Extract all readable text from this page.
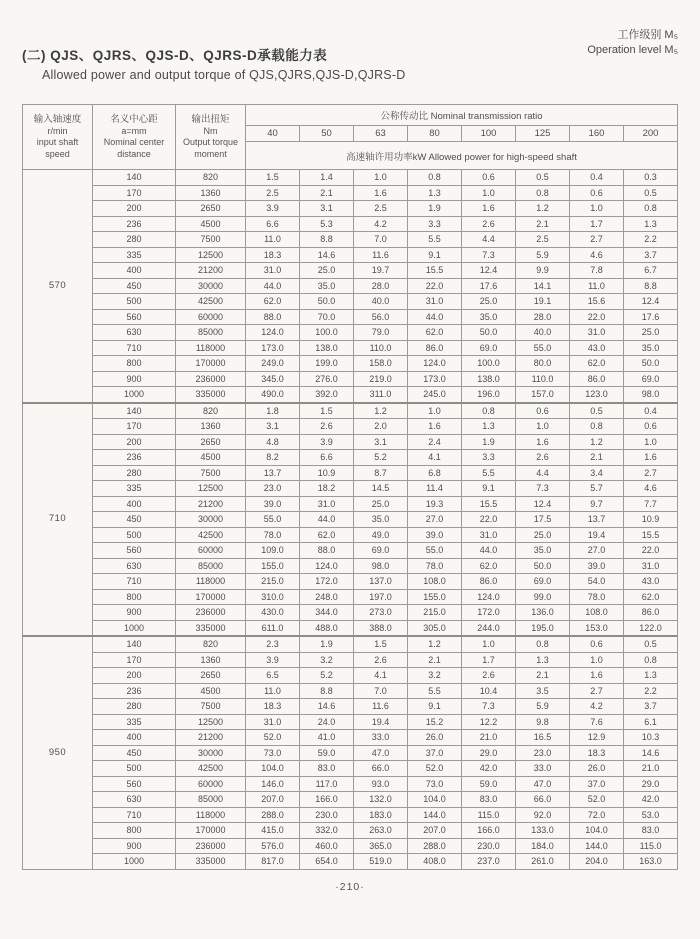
(二) QJS、QJRS、QJS-D、QJRS-D承载能力表
Allowed power and output torque of QJS,QJRS,QJS-D,QJRS-D
工作级别 M₅
Operation level M₅
输入轴速度
r/min
input shaft
speed

名义中心距
a=mm
Nominal center
distance

输出扭矩
Nm
Output torque
moment
	公称传动比 Nominal transmission ratio
			40	50	63	80	100	125	160	200
			高速轴许用功率kW Allowed power for high-speed shaft							
570	140	820	1.5	1.4	1.0	0.8	0.6	0.5	0.4	0.3
	170	1360	2.5	2.1	1.6	1.3	1.0	0.8	0.6	0.5
	200	2650	3.9	3.1	2.5	1.9	1.6	1.2	1.0	0.8
	236	4500	6.6	5.3	4.2	3.3	2.6	2.1	1.7	1.3
	280	7500	11.0	8.8	7.0	5.5	4.4	2.5	2.7	2.2
	335	12500	18.3	14.6	11.6	9.1	7.3	5.9	4.6	3.7
	400	21200	31.0	25.0	19.7	15.5	12.4	9.9	7.8	6.7
	450	30000	44.0	35.0	28.0	22.0	17.6	14.1	11.0	8.8
	500	42500	62.0	50.0	40.0	31.0	25.0	19.1	15.6	12.4
	560	60000	88.0	70.0	56.0	44.0	35.0	28.0	22.0	17.6
	630	85000	124.0	100.0	79.0	62.0	50.0	40.0	31.0	25.0
	710	118000	173.0	138.0	110.0	86.0	69.0	55.0	43.0	35.0
	800	170000	249.0	199.0	158.0	124.0	100.0	80.0	62.0	50.0
	900	236000	345.0	276.0	219.0	173.0	138.0	110.0	86.0	69.0
	1000	335000	490.0	392.0	311.0	245.0	196.0	157.0	123.0	98.0
710	140	820	1.8	1.5	1.2	1.0	0.8	0.6	0.5	0.4
	170	1360	3.1	2.6	2.0	1.6	1.3	1.0	0.8	0.6
	200	2650	4.8	3.9	3.1	2.4	1.9	1.6	1.2	1.0
	236	4500	8.2	6.6	5.2	4.1	3.3	2.6	2.1	1.6
	280	7500	13.7	10.9	8.7	6.8	5.5	4.4	3.4	2.7
	335	12500	23.0	18.2	14.5	11.4	9.1	7.3	5.7	4.6
	400	21200	39.0	31.0	25.0	19.3	15.5	12.4	9.7	7.7
	450	30000	55.0	44.0	35.0	27.0	22.0	17.5	13.7	10.9
	500	42500	78.0	62.0	49.0	39.0	31.0	25.0	19.4	15.5
	560	60000	109.0	88.0	69.0	55.0	44.0	35.0	27.0	22.0
	630	85000	155.0	124.0	98.0	78.0	62.0	50.0	39.0	31.0
	710	118000	215.0	172.0	137.0	108.0	86.0	69.0	54.0	43.0
	800	170000	310.0	248.0	197.0	155.0	124.0	99.0	78.0	62.0
	900	236000	430.0	344.0	273.0	215.0	172.0	136.0	108.0	86.0
	1000	335000	611.0	488.0	388.0	305.0	244.0	195.0	153.0	122.0
950	140	820	2.3	1.9	1.5	1.2	1.0	0.8	0.6	0.5
	170	1360	3.9	3.2	2.6	2.1	1.7	1.3	1.0	0.8
	200	2650	6.5	5.2	4.1	3.2	2.6	2.1	1.6	1.3
	236	4500	11.0	8.8	7.0	5.5	10.4	3.5	2.7	2.2
	280	7500	18.3	14.6	11.6	9.1	7.3	5.9	4.2	3.7
	335	12500	31.0	24.0	19.4	15.2	12.2	9.8	7.6	6.1
	400	21200	52.0	41.0	33.0	26.0	21.0	16.5	12.9	10.3
	450	30000	73.0	59.0	47.0	37.0	29.0	23.0	18.3	14.6
	500	42500	104.0	83.0	66.0	52.0	42.0	33.0	26.0	21.0
	560	60000	146.0	117.0	93.0	73.0	59.0	47.0	37.0	29.0
	630	85000	207.0	166.0	132.0	104.0	83.0	66.0	52.0	42.0
	710	118000	288.0	230.0	183.0	144.0	115.0	92.0	72.0	53.0
	800	170000	415.0	332.0	263.0	207.0	166.0	133.0	104.0	83.0
	900	236000	576.0	460.0	365.0	288.0	230.0	184.0	144.0	115.0
	1000	335000	817.0	654.0	519.0	408.0	237.0	261.0	204.0	163.0
·210·
